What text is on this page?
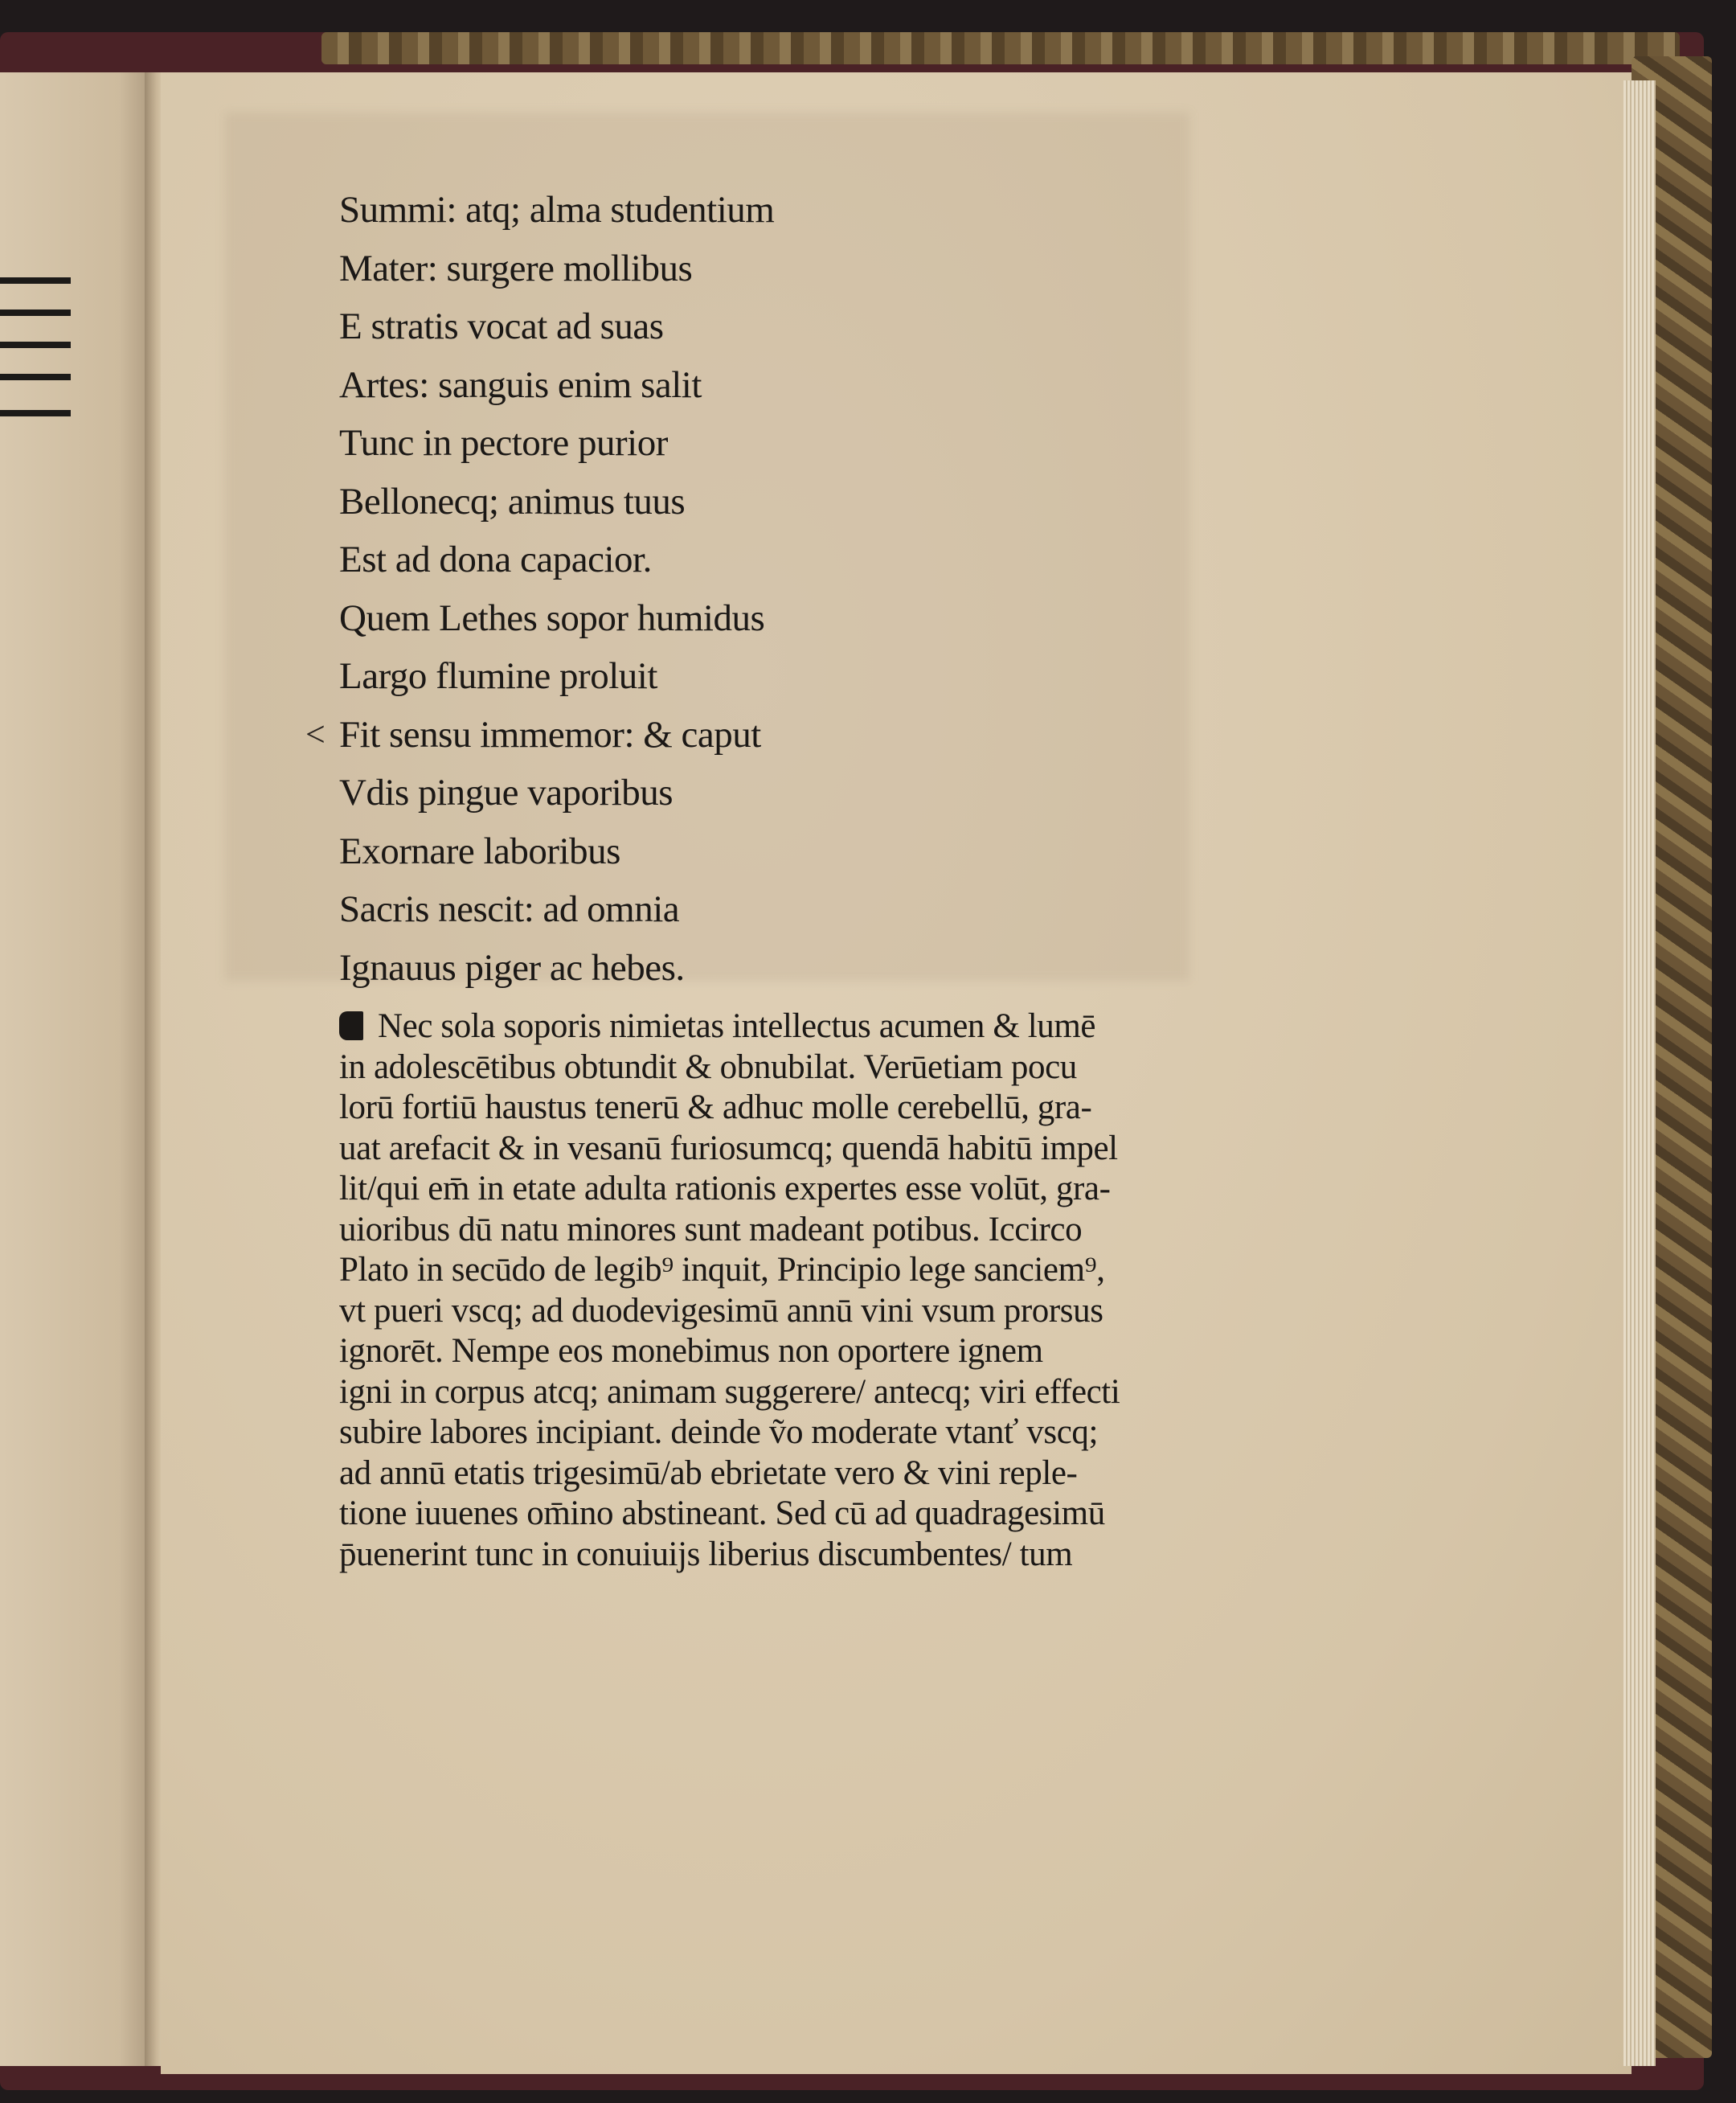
Summi: atq; alma studentium
Mater: surgere mollibus
E stratis vocat ad suas
Artes: sanguis enim salit
Tunc in pectore purior
Bellonecq; animus tuus
Est ad dona capacior.
Quem Lethes sopor humidus
Largo flumine proluit
Fit sensu immemor: & caput
Vdis pingue vaporibus
Exornare laboribus
Sacris nescit: ad omnia
Ignauus piger ac hebes.
<
Nec sola soporis nimietas intellectus acumen & lumē
in adolescētibus obtundit & obnubilat. Verūetiam pocu
lorū fortiū haustus tenerū & adhuc molle cerebellū, gra-
uat arefacit & in vesanū furiosumcq; quendā habitū impel
lit/qui em̄ in etate adulta rationis expertes esse volūt, gra-
uioribus dū natu minores sunt madeant potibus. Iccirco
Plato in secūdo de legib⁹ inquit, Principio lege sanciem⁹,
vt pueri vscq; ad duodevigesimū annū vini vsum prorsus
ignorēt. Nempe eos monebimus non oportere ignem
igni in corpus atcq; animam suggerere/ antecq; viri effecti
subire labores incipiant. deinde ṽo moderate vtanť vscq;
ad annū etatis trigesimū/ab ebrietate vero & vini reple-
tione iuuenes om̄ino abstineant. Sed cū ad quadragesimū
p̄uenerint tunc in conuiuijs liberius discumbentes/ tum
